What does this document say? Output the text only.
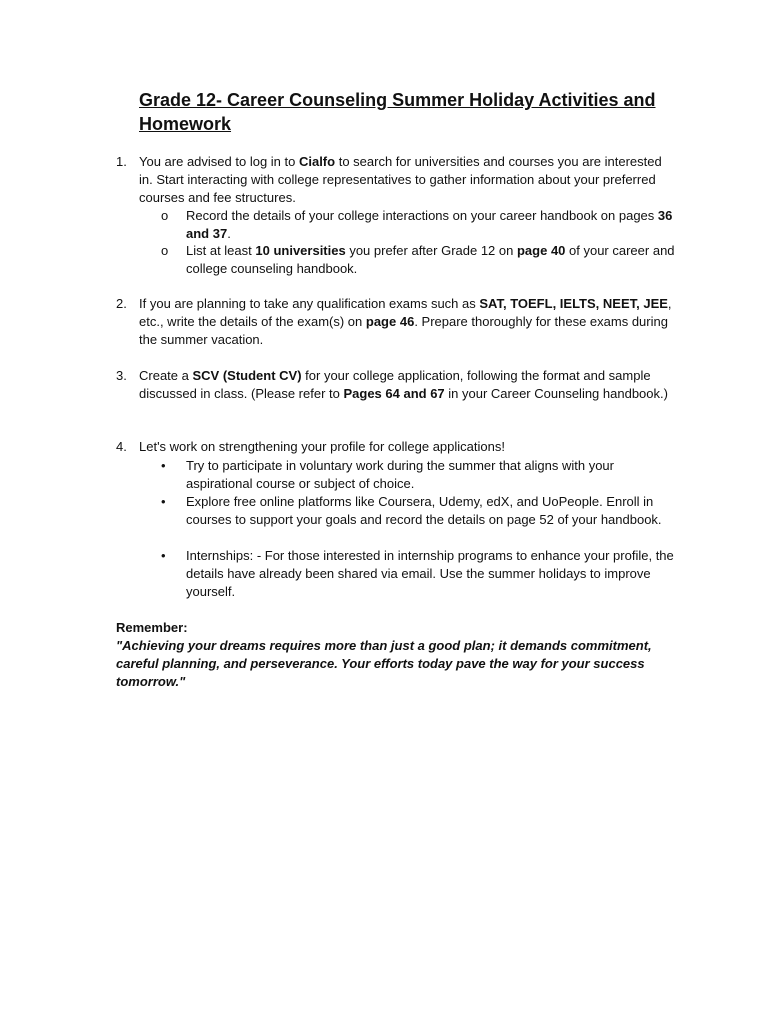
Grade 12- Career Counseling Summer Holiday Activities and Homework
1. You are advised to log in to Cialfo to search for universities and courses you are interested in. Start interacting with college representatives to gather information about your preferred courses and fee structures.
o Record the details of your college interactions on your career handbook on pages 36 and 37.
o List at least 10 universities you prefer after Grade 12 on page 40 of your career and college counseling handbook.
2. If you are planning to take any qualification exams such as SAT, TOEFL, IELTS, NEET, JEE, etc., write the details of the exam(s) on page 46. Prepare thoroughly for these exams during the summer vacation.
3. Create a SCV (Student CV) for your college application, following the format and sample discussed in class. (Please refer to Pages 64 and 67 in your Career Counseling handbook.)
4. Let's work on strengthening your profile for college applications!
• Try to participate in voluntary work during the summer that aligns with your aspirational course or subject of choice.
• Explore free online platforms like Coursera, Udemy, edX, and UoPeople. Enroll in courses to support your goals and record the details on page 52 of your handbook.
• Internships: - For those interested in internship programs to enhance your profile, the details have already been shared via email. Use the summer holidays to improve yourself.
Remember:
"Achieving your dreams requires more than just a good plan; it demands commitment, careful planning, and perseverance. Your efforts today pave the way for your success tomorrow."
